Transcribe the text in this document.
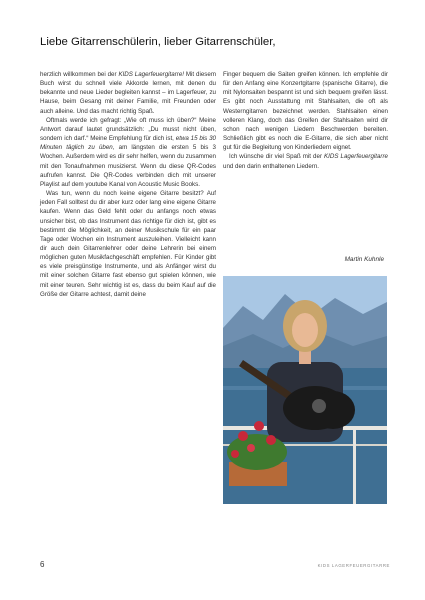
Liebe Gitarrenschülerin, lieber Gitarrenschüler,

herzlich willkommen bei der KIDS Lagerfeuergitarre! Mit diesem Buch wirst du schnell viele Akkorde lernen, mit denen du bekannte und neue Lieder begleiten kannst – im Lagerfeuer, zu Hause, beim Gesang mit deiner Familie, mit Freunden oder auch alleine. Und das macht richtig Spaß.

Oftmals werde ich gefragt: „Wie oft muss ich üben?“ Meine Antwort darauf lautet grundsätzlich: „Du musst nicht üben, sondern ich darf.“ Meine Empfehlung für dich ist, etwa 15 bis 30 Minuten täglich zu üben, am längsten die ersten 5 bis 3 Wochen. Außerdem wird es dir sehr helfen, wenn du zusammen mit den Tonaufnahmen musizierst. Wenn du diese QR-Codes aufrufen kannst. Die QR-Codes verbinden dich mit unserer Playlist auf dem youtube Kanal von Acoustic Music Books.

Was tun, wenn du noch keine eigene Gitarre besitzt? Auf jeden Fall solltest du dir aber kurz oder lang eine eigene Gitarre kaufen. Wenn das Geld fehlt oder du anfangs noch etwas unsicher bist, ob das Instrument das richtige für dich ist, gibt es bestimmt die Möglichkeit, an deiner Musikschule für ein paar Tage oder Wochen ein Instrument auszuleihen. Vielleicht kann dir auch dein Gitarrenlehrer oder deine Lehrerin bei einem möglichen guten Musikfachgeschäft empfehlen. Für Kinder gibt es viele preisgünstige Instrumente, und als Anfänger wirst du mit einer solchen Gitarre fast ebenso gut spielen können, wie mit einer teuren. Sehr wichtig ist es, dass du beim Kauf auf die Größe der Gitarre achtest, damit deine

Finger bequem die Saiten greifen können. Ich empfehle dir für den Anfang eine Konzertgitarre (spanische Gitarre), die mit Nylonsaiten bespannt ist und sich bequem greifen lässt. Es gibt noch Ausstattung mit Stahlsaiten, die oft als Westerngitarren bezeichnet werden. Stahlsaiten einen volleren Klang, doch das Greifen der Stahlsaiten wird dir schon nach wenigen Liedern Beschwerden bereiten. Schließlich gibt es noch die E-Gitarre, die sich aber nicht gut für die Begleitung von Kinderliedern eignet.

Ich wünsche dir viel Spaß mit der KIDS Lagerfeuergitarre und den darin enthaltenen Liedern.

Martin Kuhnle
6	KIDS LAGERFEUERGITARRE
